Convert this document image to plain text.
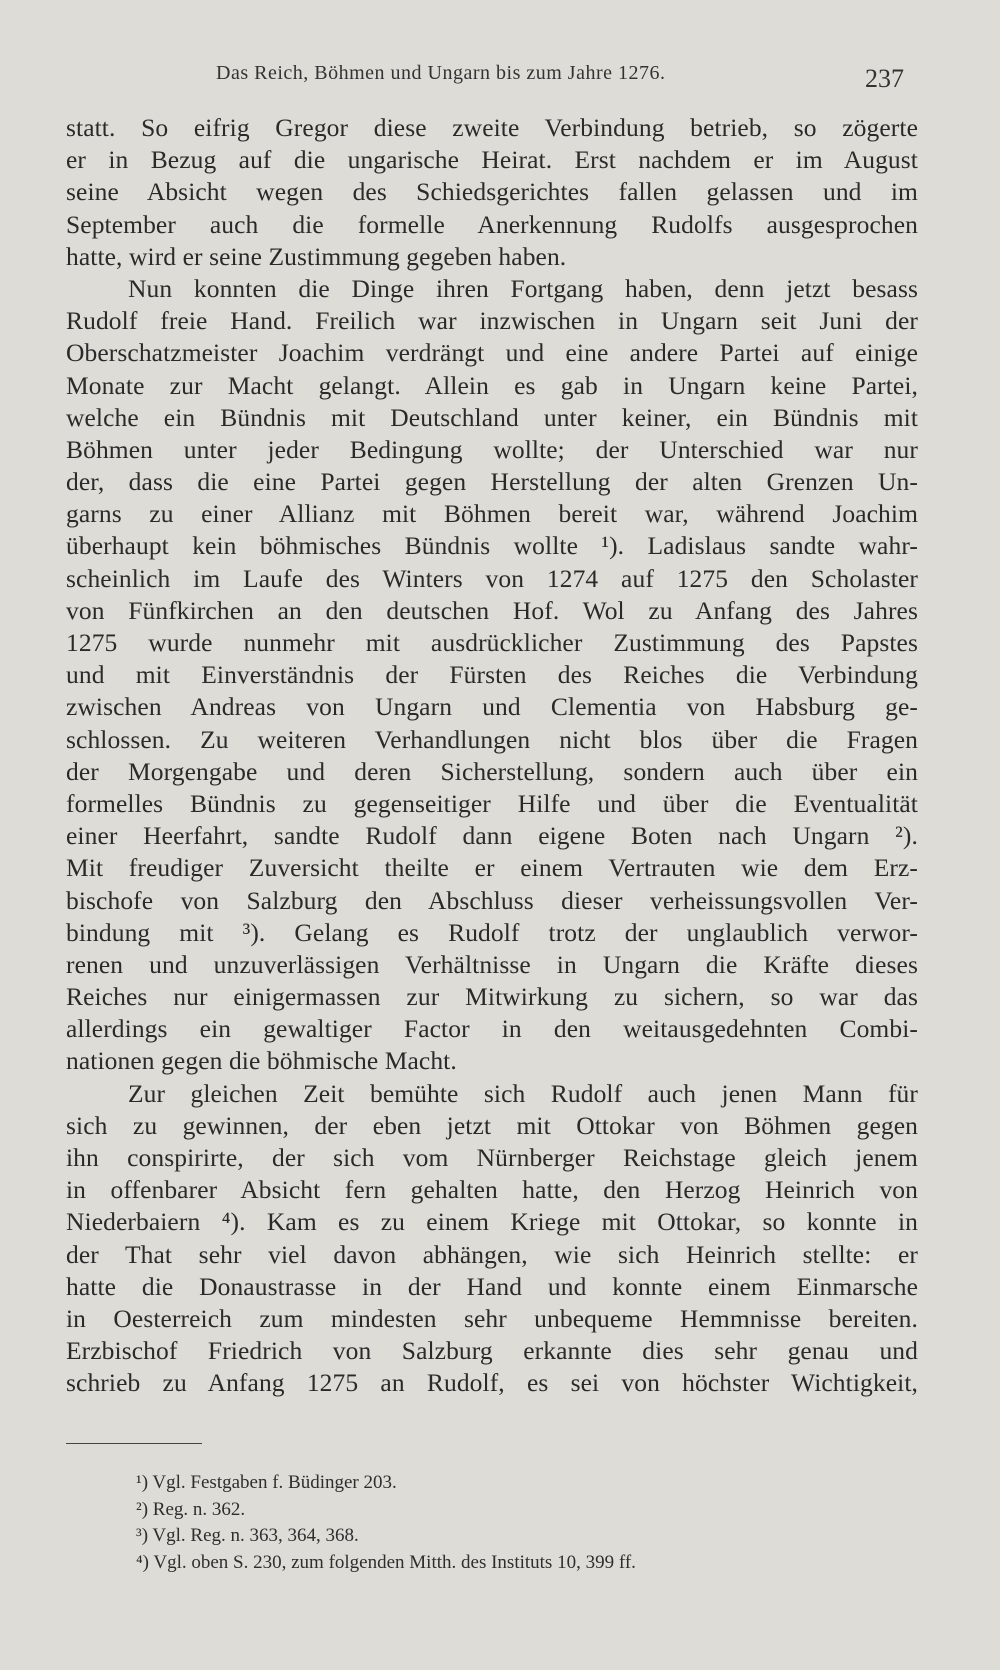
Das Reich, Böhmen und Ungarn bis zum Jahre 1276.	237
statt. So eifrig Gregor diese zweite Verbindung betrieb, so zögerte
er in Bezug auf die ungarische Heirat. Erst nachdem er im August
seine Absicht wegen des Schiedsgerichtes fallen gelassen und im
September auch die formelle Anerkennung Rudolfs ausgesprochen
hatte, wird er seine Zustimmung gegeben haben.
Nun konnten die Dinge ihren Fortgang haben, denn jetzt besass
Rudolf freie Hand. Freilich war inzwischen in Ungarn seit Juni der
Oberschatzmeister Joachim verdrängt und eine andere Partei auf einige
Monate zur Macht gelangt. Allein es gab in Ungarn keine Partei,
welche ein Bündnis mit Deutschland unter keiner, ein Bündnis mit
Böhmen unter jeder Bedingung wollte; der Unterschied war nur
der, dass die eine Partei gegen Herstellung der alten Grenzen Un-
garns zu einer Allianz mit Böhmen bereit war, während Joachim
überhaupt kein böhmisches Bündnis wollte ¹). Ladislaus sandte wahr-
scheinlich im Laufe des Winters von 1274 auf 1275 den Scholaster
von Fünfkirchen an den deutschen Hof. Wol zu Anfang des Jahres
1275 wurde nunmehr mit ausdrücklicher Zustimmung des Papstes
und mit Einverständnis der Fürsten des Reiches die Verbindung
zwischen Andreas von Ungarn und Clementia von Habsburg ge-
schlossen. Zu weiteren Verhandlungen nicht blos über die Fragen
der Morgengabe und deren Sicherstellung, sondern auch über ein
formelles Bündnis zu gegenseitiger Hilfe und über die Eventualität
einer Heerfahrt, sandte Rudolf dann eigene Boten nach Ungarn ²).
Mit freudiger Zuversicht theilte er einem Vertrauten wie dem Erz-
bischofe von Salzburg den Abschluss dieser verheissungsvollen Ver-
bindung mit ³). Gelang es Rudolf trotz der unglaublich verwor-
renen und unzuverlässigen Verhältnisse in Ungarn die Kräfte dieses
Reiches nur einigermassen zur Mitwirkung zu sichern, so war das
allerdings ein gewaltiger Factor in den weitausgedehnten Combi-
nationen gegen die böhmische Macht.
Zur gleichen Zeit bemühte sich Rudolf auch jenen Mann für
sich zu gewinnen, der eben jetzt mit Ottokar von Böhmen gegen
ihn conspirirte, der sich vom Nürnberger Reichstage gleich jenem
in offenbarer Absicht fern gehalten hatte, den Herzog Heinrich von
Niederbaiern ⁴). Kam es zu einem Kriege mit Ottokar, so konnte in
der That sehr viel davon abhängen, wie sich Heinrich stellte: er
hatte die Donaustrasse in der Hand und konnte einem Einmarsche
in Oesterreich zum mindesten sehr unbequeme Hemmnisse bereiten.
Erzbischof Friedrich von Salzburg erkannte dies sehr genau und
schrieb zu Anfang 1275 an Rudolf, es sei von höchster Wichtigkeit,
¹) Vgl. Festgaben f. Büdinger 203.
²) Reg. n. 362.
³) Vgl. Reg. n. 363, 364, 368.
⁴) Vgl. oben S. 230, zum folgenden Mitth. des Instituts 10, 399 ff.
